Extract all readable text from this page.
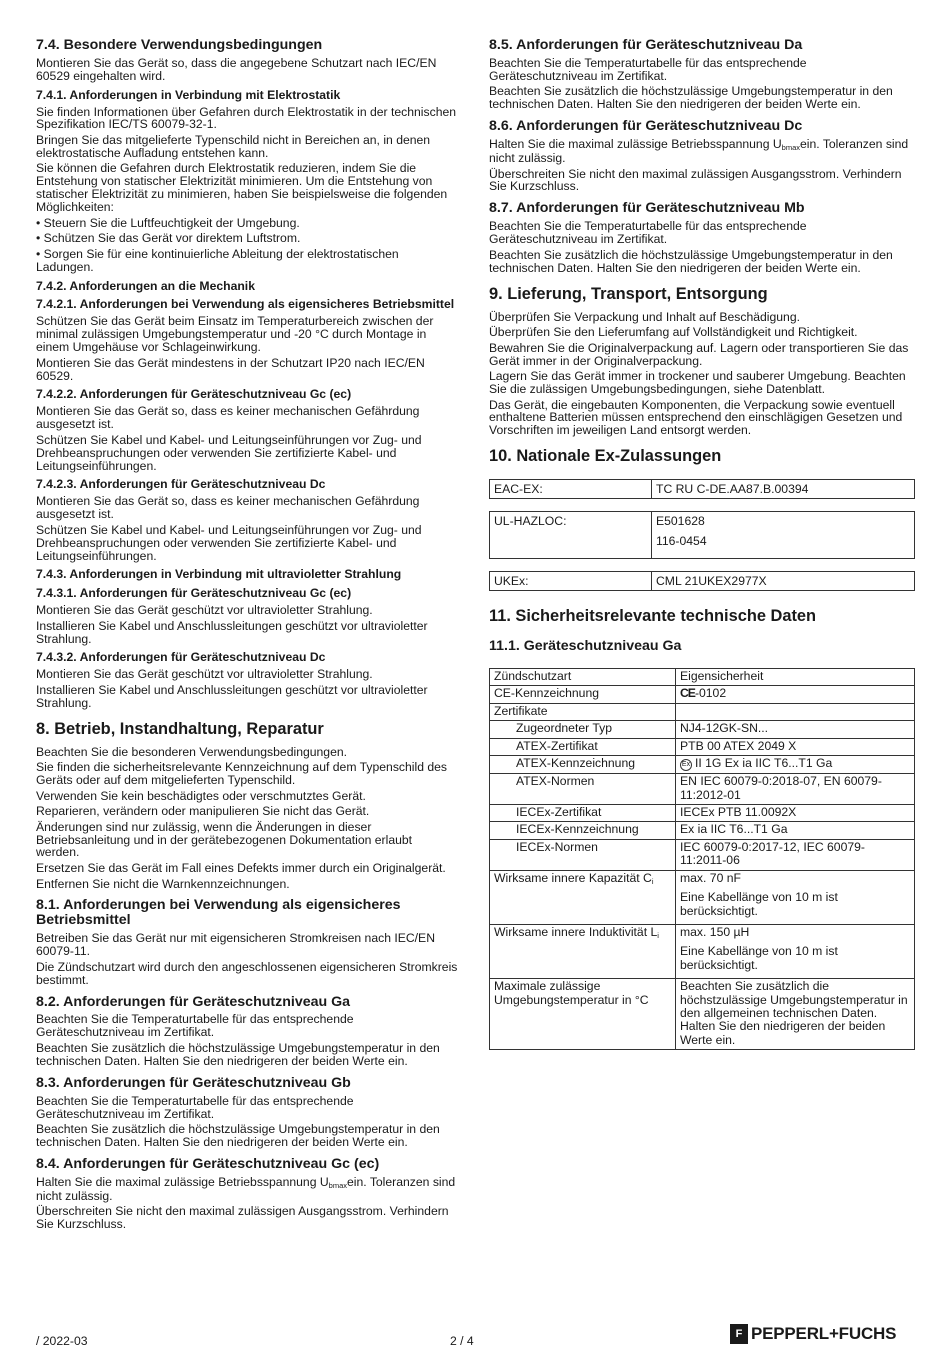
7.4. Besondere Verwendungsbedingungen

Montieren Sie das Gerät so, dass die angegebene Schutzart nach IEC/EN 60529 eingehalten wird.

7.4.1. Anforderungen in Verbindung mit Elektrostatik

Sie finden Informationen über Gefahren durch Elektrostatik in der technischen Spezifikation IEC/TS 60079-32-1.

Bringen Sie das mitgelieferte Typenschild nicht in Bereichen an, in denen elektrostatische Aufladung entstehen kann.

Sie können die Gefahren durch Elektrostatik reduzieren, indem Sie die Entstehung von statischer Elektrizität minimieren. Um die Entstehung von statischer Elektrizität zu minimieren, haben Sie beispielsweise die folgenden Möglichkeiten:

• Steuern Sie die Luftfeuchtigkeit der Umgebung.

• Schützen Sie das Gerät vor direktem Luftstrom.

• Sorgen Sie für eine kontinuierliche Ableitung der elektrostatischen Ladungen.

7.4.2. Anforderungen an die Mechanik
7.4.2.1. Anforderungen bei Verwendung als eigensicheres Betriebsmittel

Schützen Sie das Gerät beim Einsatz im Temperaturbereich zwischen der minimal zulässigen Umgebungstemperatur und -20 °C durch Montage in einem Umgehäuse vor Schlageinwirkung.

Montieren Sie das Gerät mindestens in der Schutzart IP20 nach IEC/EN 60529.

7.4.2.2. Anforderungen für Geräteschutzniveau Gc (ec)

Montieren Sie das Gerät so, dass es keiner mechanischen Gefährdung ausgesetzt ist.

Schützen Sie Kabel und Kabel- und Leitungseinführungen vor Zug- und Drehbeanspruchungen oder verwenden Sie zertifizierte Kabel- und Leitungseinführungen.

7.4.2.3. Anforderungen für Geräteschutzniveau Dc

Montieren Sie das Gerät so, dass es keiner mechanischen Gefährdung ausgesetzt ist.

Schützen Sie Kabel und Kabel- und Leitungseinführungen vor Zug- und Drehbeanspruchungen oder verwenden Sie zertifizierte Kabel- und Leitungseinführungen.

7.4.3. Anforderungen in Verbindung mit ultravioletter Strahlung
7.4.3.1. Anforderungen für Geräteschutzniveau Gc (ec)

Montieren Sie das Gerät geschützt vor ultravioletter Strahlung.

Installieren Sie Kabel und Anschlussleitungen geschützt vor ultravioletter Strahlung.

7.4.3.2. Anforderungen für Geräteschutzniveau Dc

Montieren Sie das Gerät geschützt vor ultravioletter Strahlung.

Installieren Sie Kabel und Anschlussleitungen geschützt vor ultravioletter Strahlung.

8. Betrieb, Instandhaltung, Reparatur

Beachten Sie die besonderen Verwendungsbedingungen.

Sie finden die sicherheitsrelevante Kennzeichnung auf dem Typenschild des Geräts oder auf dem mitgelieferten Typenschild.

Verwenden Sie kein beschädigtes oder verschmutztes Gerät.

Reparieren, verändern oder manipulieren Sie nicht das Gerät.

Änderungen sind nur zulässig, wenn die Änderungen in dieser Betriebsanleitung und in der gerätebezogenen Dokumentation erlaubt werden.

Ersetzen Sie das Gerät im Fall eines Defekts immer durch ein Originalgerät.

Entfernen Sie nicht die Warnkennzeichnungen.

8.1. Anforderungen bei Verwendung als eigensicheres Betriebsmittel

Betreiben Sie das Gerät nur mit eigensicheren Stromkreisen nach IEC/EN 60079-11.

Die Zündschutzart wird durch den angeschlossenen eigensicheren Stromkreis bestimmt.

8.2. Anforderungen für Geräteschutzniveau Ga

Beachten Sie die Temperaturtabelle für das entsprechende Geräteschutzniveau im Zertifikat.

Beachten Sie zusätzlich die höchstzulässige Umgebungstemperatur in den technischen Daten. Halten Sie den niedrigeren der beiden Werte ein.

8.3. Anforderungen für Geräteschutzniveau Gb

Beachten Sie die Temperaturtabelle für das entsprechende Geräteschutzniveau im Zertifikat.

Beachten Sie zusätzlich die höchstzulässige Umgebungstemperatur in den technischen Daten. Halten Sie den niedrigeren der beiden Werte ein.

8.4. Anforderungen für Geräteschutzniveau Gc (ec)

Halten Sie die maximal zulässige Betriebsspannung $U_{bmax}ein$. Toleranzen sind nicht zulässig.

Überschreiten Sie nicht den maximal zulässigen Ausgangsstrom. Verhindern Sie Kurzschluss.

8.5. Anforderungen für Geräteschutzniveau Da

Beachten Sie die Temperaturtabelle für das entsprechende Geräteschutzniveau im Zertifikat.

Beachten Sie zusätzlich die höchstzulässige Umgebungstemperatur in den technischen Daten. Halten Sie den niedrigeren der beiden Werte ein.

8.6. Anforderungen für Geräteschutzniveau Dc

Halten Sie die maximal zulässige Betriebsspannung $U_{bmax}ein$. Toleranzen sind nicht zulässig.

Überschreiten Sie nicht den maximal zulässigen Ausgangsstrom. Verhindern Sie Kurzschluss.

8.7. Anforderungen für Geräteschutzniveau Mb

Beachten Sie die Temperaturtabelle für das entsprechende Geräteschutzniveau im Zertifikat.

Beachten Sie zusätzlich die höchstzulässige Umgebungstemperatur in den technischen Daten. Halten Sie den niedrigeren der beiden Werte ein.

9. Lieferung, Transport, Entsorgung

Überprüfen Sie Verpackung und Inhalt auf Beschädigung.

Überprüfen Sie den Lieferumfang auf Vollständigkeit und Richtigkeit.

Bewahren Sie die Originalverpackung auf. Lagern oder transportieren Sie das Gerät immer in der Originalverpackung.

Lagern Sie das Gerät immer in trockener und sauberer Umgebung. Beachten Sie die zulässigen Umgebungsbedingungen, siehe Datenblatt.

Das Gerät, die eingebauten Komponenten, die Verpackung sowie eventuell enthaltene Batterien müssen entsprechend den einschlägigen Gesetzen und Vorschriften im jeweiligen Land entsorgt werden.

10. Nationale Ex-Zulassungen
EAC-EX:	TC RU C-DE.AA87.B.00394
UL-HAZLOC:	E501628
116-0454
UKEx:	CML 21UKEX2977X
11. Sicherheitsrelevante technische Daten
11.1. Geräteschutzniveau Ga
Zündschutzart	Eigensicherheit
CE-Kennzeichnung	CE-0102
Zertifikate	
Zugeordneter Typ	NJ4-12GK-SN...
ATEX-Zertifikat	PTB 00 ATEX 2049 X
ATEX-Kennzeichnung	Ex II 1G Ex ia IIC T6...T1 Ga
ATEX-Normen	EN IEC 60079-0:2018-07, EN 60079-11:2012-01
IECEx-Zertifikat	IECEx PTB 11.0092X
IECEx-Kennzeichnung	Ex ia IIC T6...T1 Ga
IECEx-Normen	IEC 60079-0:2017-12, IEC 60079-11:2011-06
Wirksame innere Kapazität $C_i$	max. 70 nF
Eine Kabellänge von 10 m ist berücksichtigt.

Wirksame innere Induktivität $L_i$	max. 150 µH
Eine Kabellänge von 10 m ist berücksichtigt.

Maximale zulässige Umgebungstemperatur in °C	Beachten Sie zusätzlich die höchstzulässige Umgebungstemperatur in den allgemeinen technischen Daten. Halten Sie den niedrigeren der beiden Werte ein.
/ 2022-03	2 / 4	F PEPPERL+FUCHS
